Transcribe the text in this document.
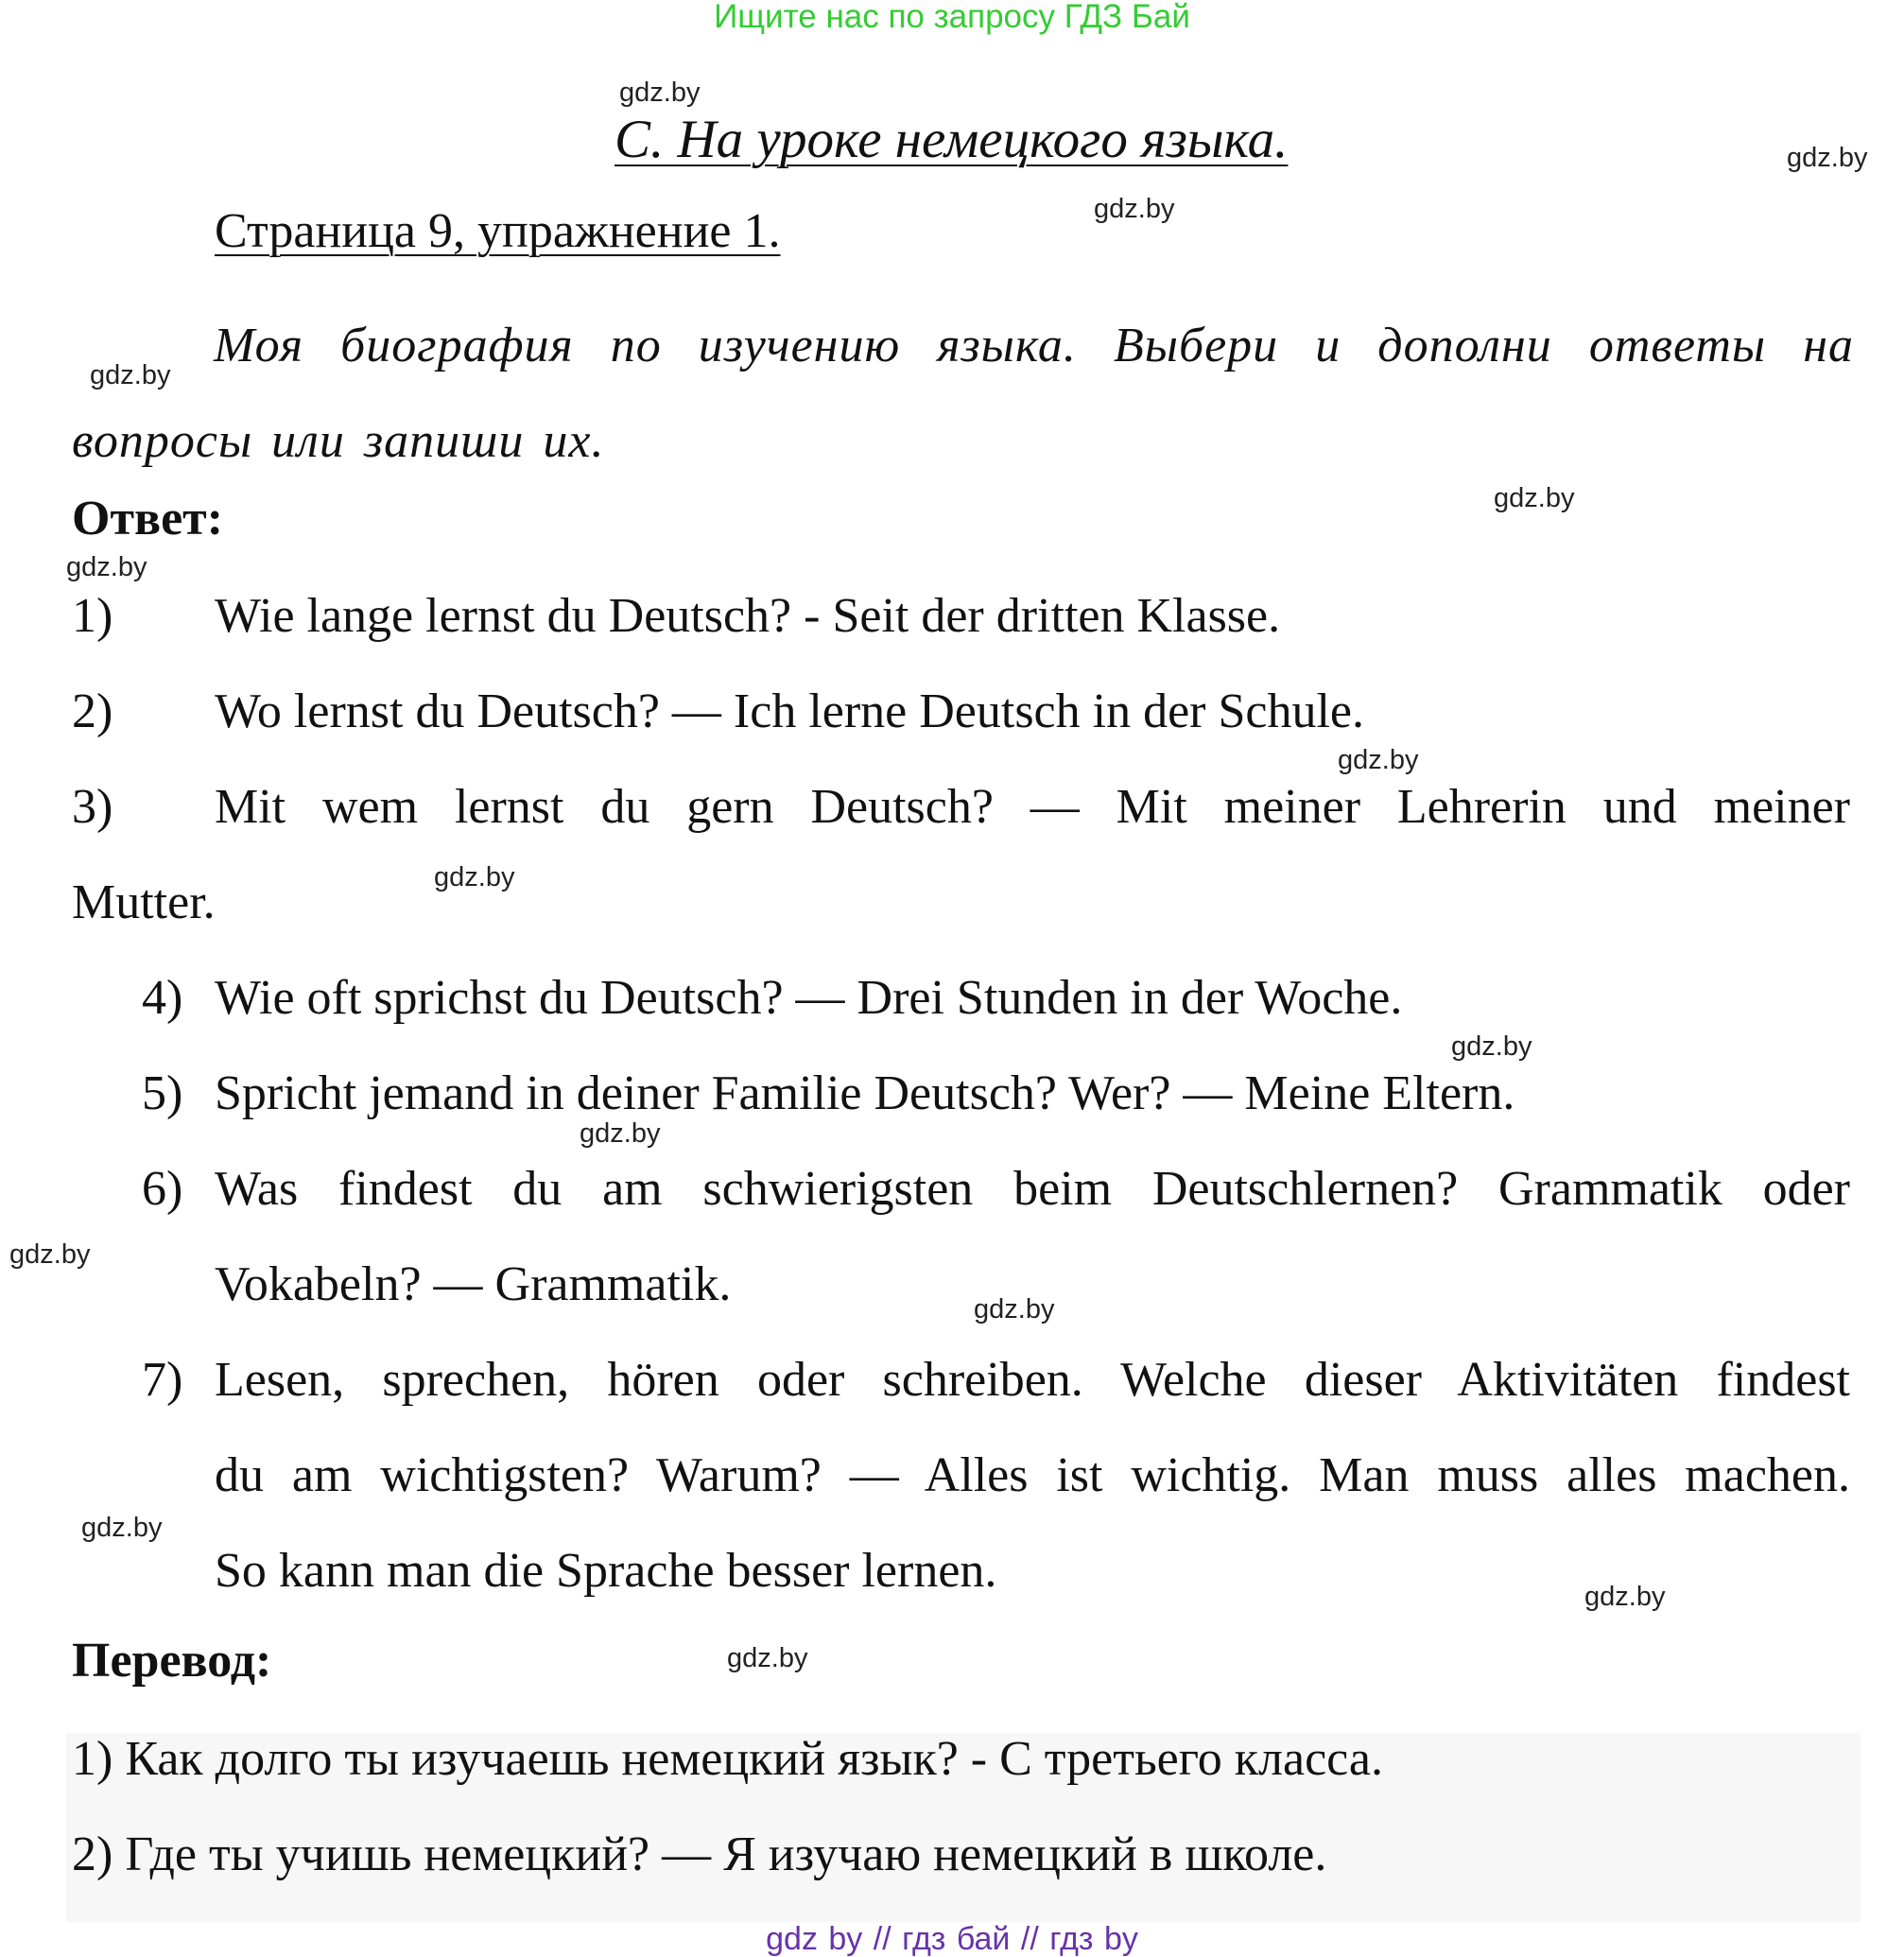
Ищите нас по запросу ГДЗ Бай
gdz.by
gdz.by
gdz.by
gdz.by
gdz.by
gdz.by
gdz.by
gdz.by
gdz.by
gdz.by
gdz.by
gdz.by
gdz.by
gdz.by
gdz.by
C. На уроке немецкого языка.
Страница 9, упражнение 1.
Моя биография по изучению языка. Выбери и дополни ответы на вопросы или запиши их.
Ответ:
1) Wie lange lernst du Deutsch? - Seit der dritten Klasse.
2) Wo lernst du Deutsch? — Ich lerne Deutsch in der Schule.
3) Mit wem lernst du gern Deutsch? — Mit meiner Lehrerin und meiner
Mutter.
4) Wie oft sprichst du Deutsch? — Drei Stunden in der Woche.
5) Spricht jemand in deiner Familie Deutsch? Wer? — Meine Eltern.
6) Was findest du am schwierigsten beim Deutschlernen? Grammatik oder
Vokabeln? — Grammatik.
7) Lesen, sprechen, hören oder schreiben. Welche dieser Aktivitäten findest
du am wichtigsten? Warum? — Alles ist wichtig. Man muss alles machen.
So kann man die Sprache besser lernen.
Перевод:
1) Как долго ты изучаешь немецкий язык? - С третьего класса.
2) Где ты учишь немецкий? — Я изучаю немецкий в школе.
gdz by // гдз бай // гдз by
